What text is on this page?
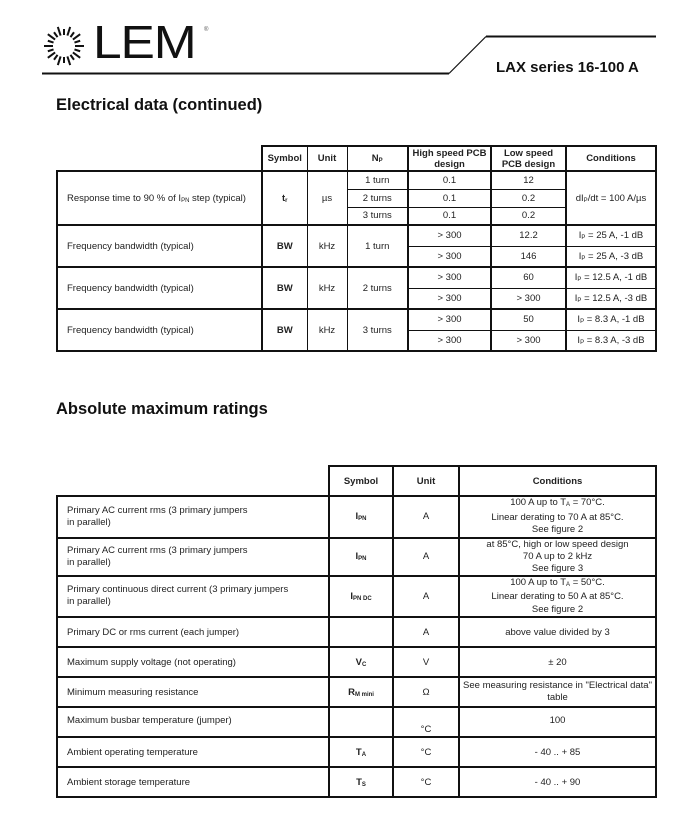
LEM ®
LAX series 16-100 A
Electrical data (continued)
	Symbol	Unit	$N_P$	High speed PCB design	Low speed PCB design	Conditions
Response time to 90 % of $I_{PN}$ step (typical)	$t_r$	µs	1 turn	0.1	12	$dI_P/dt = 100$ A/µs
			2 turns	0.1	0.2	
			3 turns	0.1	0.2	
Frequency bandwidth (typical)	BW	kHz	1 turn	> 300	12.2	$I_P = 25$ A, -1 dB
				> 300	146	$I_P = 25$ A, -3 dB
Frequency bandwidth (typical)	BW	kHz	2 turns	> 300	60	$I_P = 12.5$ A, -1 dB
				> 300	> 300	$I_P = 12.5$ A, -3 dB
Frequency bandwidth (typical)	BW	kHz	3 turns	> 300	50	$I_P = 8.3$ A, -1 dB
				> 300	> 300	$I_P = 8.3$ A, -3 dB
Absolute maximum ratings
	Symbol	Unit	Conditions
Primary AC current rms (3 primary jumpers
in parallel)	$I_{PN}$	A	100 A up to $T_A = 70^\circ C$.
Linear derating to 70 A at 85°C.
See figure 2
Primary AC current rms (3 primary jumpers
in parallel)	$I_{PN}$	A	at 85°C, high or low speed design
70 A up to 2 kHz
See figure 3
Primary continuous direct current (3 primary jumpers
in parallel)	$I_{PN DC}$	A	100 A up to $T_A = 50^\circ C$.
Linear derating to 50 A at 85°C.
See figure 2
Primary DC or rms current (each jumper)		A	above value divided by 3
Maximum supply voltage (not operating)	$V_C$	V	± 20
Minimum measuring resistance	$R_{M mini}$	Ω	See measuring resistance in "Electrical data"
table
Maximum busbar temperature (jumper)		°C	100
Ambient operating temperature	$T_A$	°C	- 40 .. + 85
Ambient storage temperature	$T_S$	°C	- 40 .. + 90
